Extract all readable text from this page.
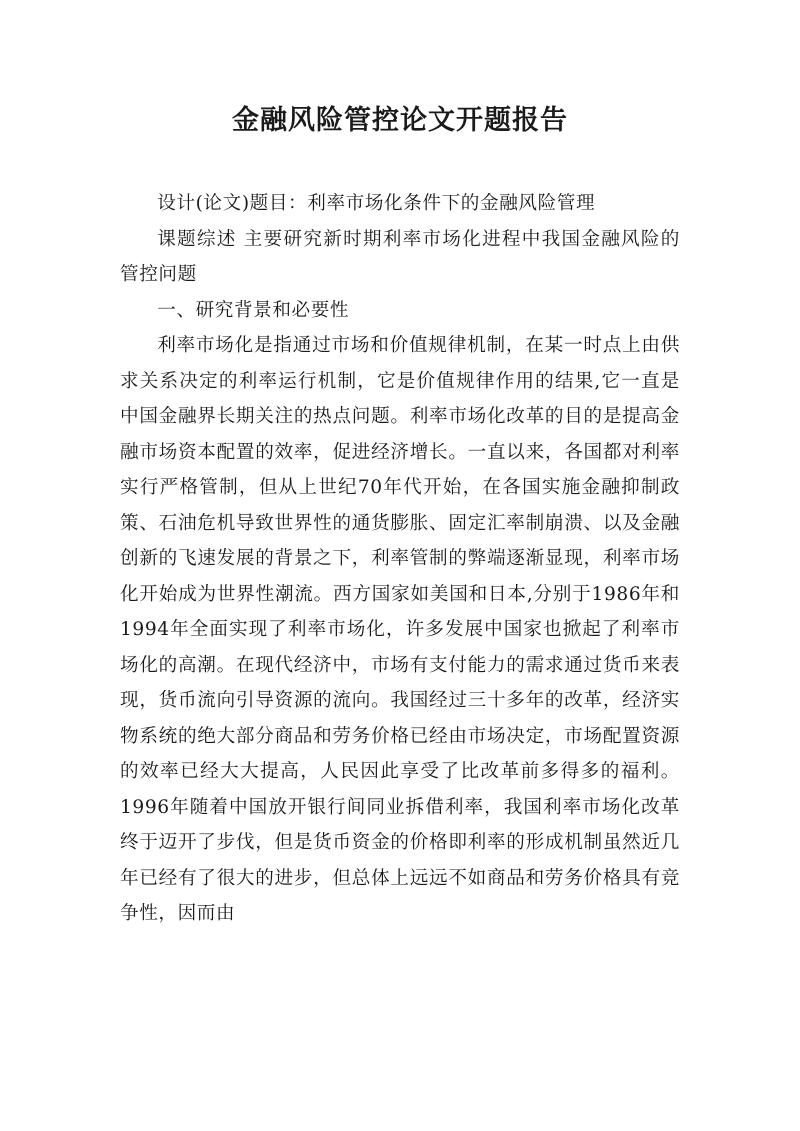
金融风险管控论文开题报告

设计(论文)题目：利率市场化条件下的金融风险管理

课题综述 主要研究新时期利率市场化进程中我国金融风险的管控问题

一、研究背景和必要性

利率市场化是指通过市场和价值规律机制，在某一时点上由供求关系决定的利率运行机制，它是价值规律作用的结果,它一直是中国金融界长期关注的热点问题。利率市场化改革的目的是提高金融市场资本配置的效率，促进经济增长。一直以来，各国都对利率实行严格管制，但从上世纪70年代开始，在各国实施金融抑制政策、石油危机导致世界性的通货膨胀、固定汇率制崩溃、以及金融创新的飞速发展的背景之下，利率管制的弊端逐渐显现，利率市场化开始成为世界性潮流。西方国家如美国和日本,分别于1986年和1994年全面实现了利率市场化，许多发展中国家也掀起了利率市场化的高潮。在现代经济中，市场有支付能力的需求通过货币来表现，货币流向引导资源的流向。我国经过三十多年的改革，经济实物系统的绝大部分商品和劳务价格已经由市场决定，市场配置资源的效率已经大大提高，人民因此享受了比改革前多得多的福利。1996年随着中国放开银行间同业拆借利率，我国利率市场化改革终于迈开了步伐，但是货币资金的价格即利率的形成机制虽然近几年已经有了很大的进步，但总体上远远不如商品和劳务价格具有竞争性，因而由
